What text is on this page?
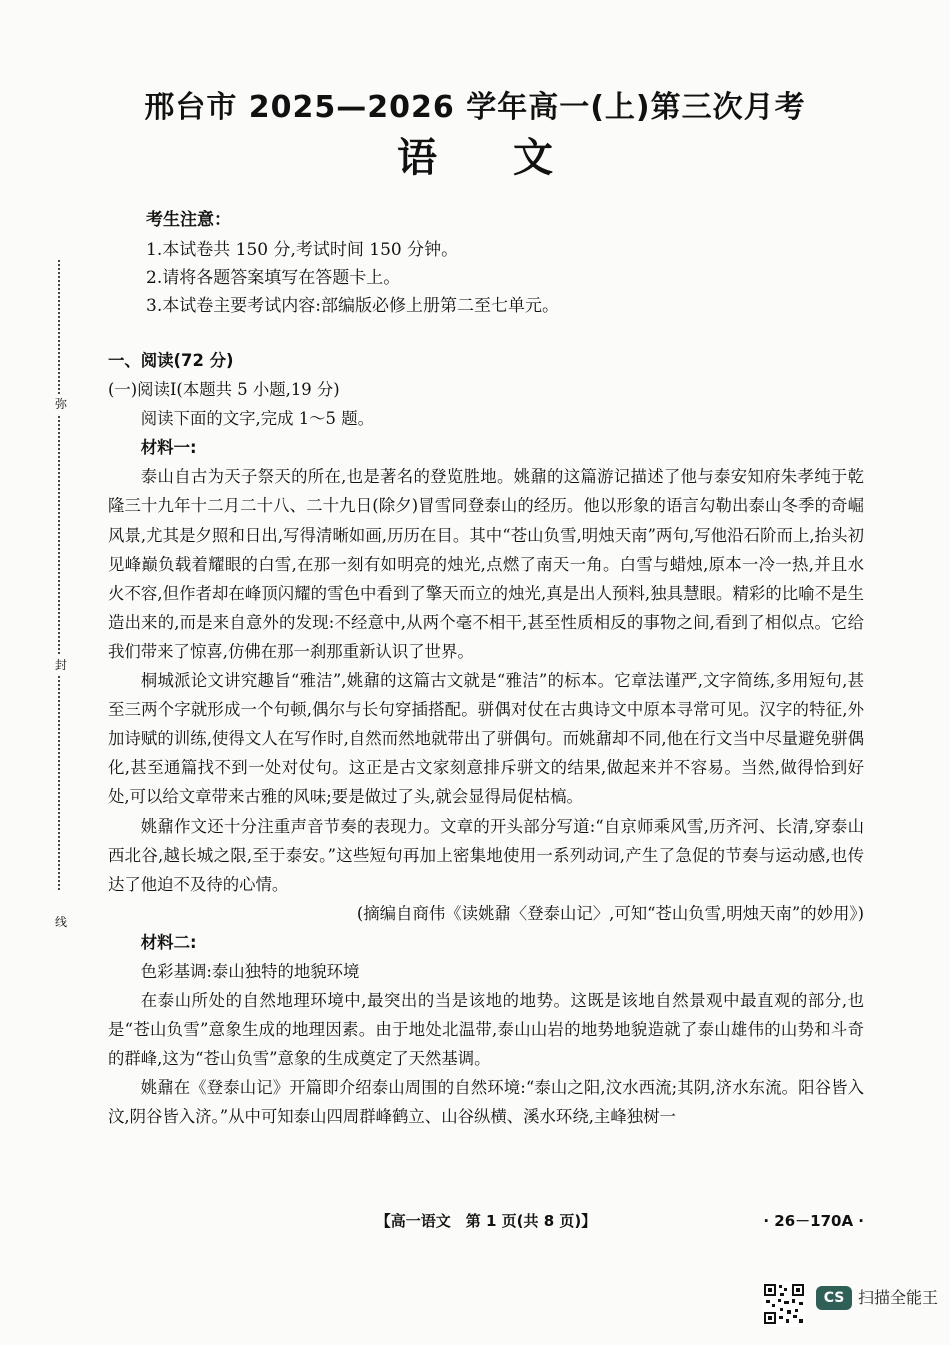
邢台市 2025—2026 学年高一(上)第三次月考
语 文
考生注意：
1.本试卷共 150 分,考试时间 150 分钟。
2.请将各题答案填写在答题卡上。
3.本试卷主要考试内容:部编版必修上册第二至七单元。
弥
封
线

一、阅读(72 分)

(一)阅读Ⅰ(本题共 5 小题,19 分)

阅读下面的文字,完成 1～5 题。

材料一:

泰山自古为天子祭天的所在,也是著名的登览胜地。姚鼐的这篇游记描述了他与泰安知府朱孝纯于乾隆三十九年十二月二十八、二十九日(除夕)冒雪同登泰山的经历。他以形象的语言勾勒出泰山冬季的奇崛风景,尤其是夕照和日出,写得清晰如画,历历在目。其中“苍山负雪,明烛天南”两句,写他沿石阶而上,抬头初见峰巅负载着耀眼的白雪,在那一刻有如明亮的烛光,点燃了南天一角。白雪与蜡烛,原本一冷一热,并且水火不容,但作者却在峰顶闪耀的雪色中看到了擎天而立的烛光,真是出人预料,独具慧眼。精彩的比喻不是生造出来的,而是来自意外的发现:不经意中,从两个毫不相干,甚至性质相反的事物之间,看到了相似点。它给我们带来了惊喜,仿佛在那一刹那重新认识了世界。

桐城派论文讲究趣旨“雅洁”,姚鼐的这篇古文就是“雅洁”的标本。它章法谨严,文字简练,多用短句,甚至三两个字就形成一个句顿,偶尔与长句穿插搭配。骈偶对仗在古典诗文中原本寻常可见。汉字的特征,外加诗赋的训练,使得文人在写作时,自然而然地就带出了骈偶句。而姚鼐却不同,他在行文当中尽量避免骈偶化,甚至通篇找不到一处对仗句。这正是古文家刻意排斥骈文的结果,做起来并不容易。当然,做得恰到好处,可以给文章带来古雅的风味;要是做过了头,就会显得局促枯槁。

姚鼐作文还十分注重声音节奏的表现力。文章的开头部分写道:“自京师乘风雪,历齐河、长清,穿泰山西北谷,越长城之限,至于泰安。”这些短句再加上密集地使用一系列动词,产生了急促的节奏与运动感,也传达了他迫不及待的心情。

(摘编自商伟《读姚鼐〈登泰山记〉,可知“苍山负雪,明烛天南”的妙用》)

材料二:

色彩基调:泰山独特的地貌环境

在泰山所处的自然地理环境中,最突出的当是该地的地势。这既是该地自然景观中最直观的部分,也是“苍山负雪”意象生成的地理因素。由于地处北温带,泰山山岩的地势地貌造就了泰山雄伟的山势和斗奇的群峰,这为“苍山负雪”意象的生成奠定了天然基调。

姚鼐在《登泰山记》开篇即介绍泰山周围的自然环境:“泰山之阳,汶水西流;其阴,济水东流。阳谷皆入汶,阴谷皆入济。”从中可知泰山四周群峰鹤立、山谷纵横、溪水环绕,主峰独树一

【高一语文　第 1 页(共 8 页)】	· 26－170A ·
CS 扫描全能王
